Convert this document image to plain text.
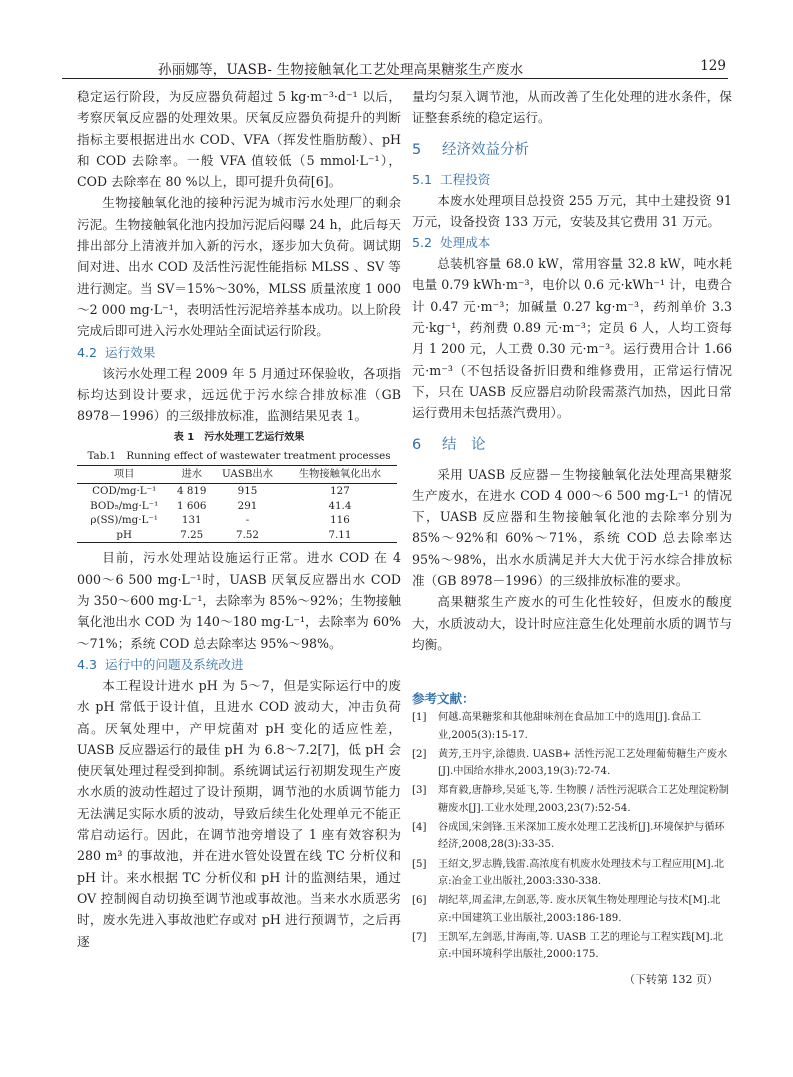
孙丽娜等，UASB- 生物接触氧化工艺处理高果糖浆生产废水	129

稳定运行阶段，为反应器负荷超过 5 kg·m⁻³·d⁻¹ 以后，考察厌氧反应器的处理效果。厌氧反应器负荷提升的判断指标主要根据进出水 COD、VFA（挥发性脂肪酸）、pH 和 COD 去除率。一般 VFA 值较低（5 mmol·L⁻¹），COD 去除率在 80 %以上，即可提升负荷[6]。

生物接触氧化池的接种污泥为城市污水处理厂的剩余污泥。生物接触氧化池内投加污泥后闷曝 24 h，此后每天排出部分上清液并加入新的污水，逐步加大负荷。调试期间对进、出水 COD 及活性污泥性能指标 MLSS 、SV 等进行测定。当 SV＝15%～30%，MLSS 质量浓度 1 000～2 000 mg·L⁻¹，表明活性污泥培养基本成功。以上阶段完成后即可进入污水处理站全面试运行阶段。

4.2 运行效果

该污水处理工程 2009 年 5 月通过环保验收，各项指标均达到设计要求，远远优于污水综合排放标准（GB 8978－1996）的三级排放标准，监测结果见表 1。

表 1　污水处理工艺运行效果
Tab.1　Running effect of wastewater treatment processes
项目	进水	UASB出水	生物接触氧化出水
COD/mg·L⁻¹	4 819	915	127
BOD₅/mg·L⁻¹	1 606	291	41.4
ρ(SS)/mg·L⁻¹	131	-	116
pH	7.25	7.52	7.11

目前，污水处理站设施运行正常。进水 COD 在 4 000～6 500 mg·L⁻¹时，UASB 厌氧反应器出水 COD 为 350～600 mg·L⁻¹，去除率为 85%～92%；生物接触氧化池出水 COD 为 140～180 mg·L⁻¹，去除率为 60%～71%；系统 COD 总去除率达 95%～98%。

4.3 运行中的问题及系统改进

本工程设计进水 pH 为 5～7，但是实际运行中的废水 pH 常低于设计值，且进水 COD 波动大，冲击负荷高。厌氧处理中，产甲烷菌对 pH 变化的适应性差，UASB 反应器运行的最佳 pH 为 6.8～7.2[7]，低 pH 会使厌氧处理过程受到抑制。系统调试运行初期发现生产废水水质的波动性超过了设计预期，调节池的水质调节能力无法满足实际水质的波动，导致后续生化处理单元不能正常启动运行。因此，在调节池旁增设了 1 座有效容积为 280 m³ 的事故池，并在进水管处设置在线 TC 分析仪和 pH 计。来水根据 TC 分析仪和 pH 计的监测结果，通过 OV 控制阀自动切换至调节池或事故池。当来水水质恶劣时，废水先进入事故池贮存或对 pH 进行预调节，之后再逐

量均匀泵入调节池，从而改善了生化处理的进水条件，保证整套系统的稳定运行。

5 经济效益分析
5.1 工程投资

本废水处理项目总投资 255 万元，其中土建投资 91 万元，设备投资 133 万元，安装及其它费用 31 万元。

5.2 处理成本

总装机容量 68.0 kW，常用容量 32.8 kW，吨水耗电量 0.79 kWh·m⁻³，电价以 0.6 元·kWh⁻¹ 计，电费合计 0.47 元·m⁻³；加碱量 0.27 kg·m⁻³，药剂单价 3.3 元·kg⁻¹，药剂费 0.89 元·m⁻³；定员 6 人，人均工资每月 1 200 元，人工费 0.30 元·m⁻³。运行费用合计 1.66 元·m⁻³（不包括设备折旧费和维修费用，正常运行情况下，只在 UASB 反应器启动阶段需蒸汽加热，因此日常运行费用未包括蒸汽费用）。

6 结　论

采用 UASB 反应器－生物接触氧化法处理高果糖浆生产废水，在进水 COD 4 000～6 500 mg·L⁻¹ 的情况下，UASB 反应器和生物接触氧化池的去除率分别为 85%～92%和 60%～71%，系统 COD 总去除率达 95%～98%，出水水质满足并大大优于污水综合排放标准（GB 8978－1996）的三级排放标准的要求。

高果糖浆生产废水的可生化性较好，但废水的酸度大，水质波动大，设计时应注意生化处理前水质的调节与均衡。

参考文献：
[1] 何越.高果糖浆和其他甜味剂在食品加工中的选用[J].食品工业,2005(3):15-17.
[2] 黄芳,王丹宇,涂德贵. UASB+ 活性污泥工艺处理葡萄糖生产废水[J].中国给水排水,2003,19(3):72-74.
[3] 郑育毅,唐静珍,吴延飞,等. 生物膜 / 活性污泥联合工艺处理淀粉制糖废水[J].工业水处理,2003,23(7):52-54.
[4] 谷成国,宋剑锋.玉米深加工废水处理工艺浅析[J].环境保护与循环经济,2008,28(3):33-35.
[5] 王绍文,罗志腾,钱雷.高浓度有机废水处理技术与工程应用[M].北京:冶金工业出版社,2003:330-338.
[6] 胡纪萃,周孟津,左剑恶,等. 废水厌氧生物处理理论与技术[M].北京:中国建筑工业出版社,2003:186-189.
[7] 王凯军,左剑恶,甘海南,等. UASB 工艺的理论与工程实践[M].北京:中国环境科学出版社,2000:175.
（下转第 132 页）
